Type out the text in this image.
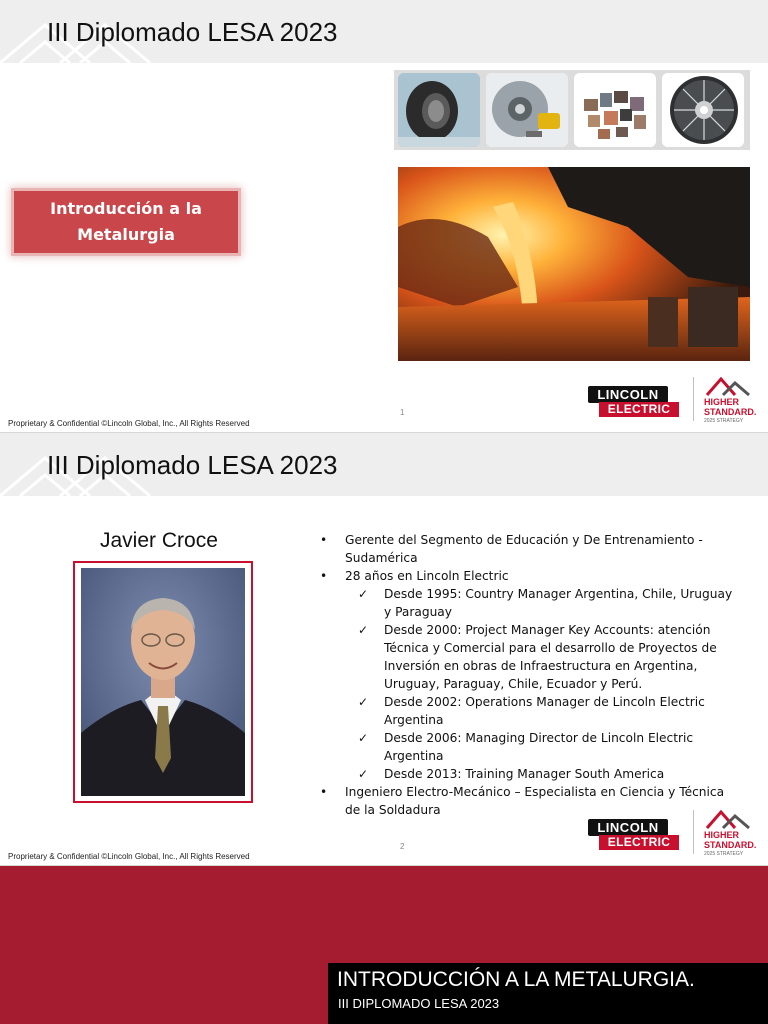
III Diplomado LESA 2023
Introducción a la
Metalurgia
Proprietary & Confidential ©Lincoln Global, Inc., All Rights Reserved
1
LINCOLN
ELECTRIC	HIGHER
STANDARD.
2025 STRATEGY
III Diplomado LESA 2023
Javier Croce	• Gerente del Segmento de Educación y De Entrenamiento - Sudamérica
• 28 años en Lincoln Electric
✓ Desde 1995: Country Manager Argentina, Chile, Uruguay y Paraguay
✓ Desde 2000: Project Manager Key Accounts: atención Técnica y Comercial para el desarrollo de Proyectos de Inversión en obras de Infraestructura en Argentina, Uruguay, Paraguay, Chile, Ecuador y Perú.
✓ Desde 2002: Operations Manager de Lincoln Electric Argentina
✓ Desde 2006: Managing Director de Lincoln Electric Argentina
✓ Desde 2013: Training Manager South America
• Ingeniero Electro-Mecánico – Especialista en Ciencia y Técnica de la Soldadura
Proprietary & Confidential ©Lincoln Global, Inc., All Rights Reserved
2
LINCOLN
ELECTRIC	HIGHER
STANDARD.
2025 STRATEGY
INTRODUCCIÓN A LA METALURGIA.
III DIPLOMADO LESA 2023
